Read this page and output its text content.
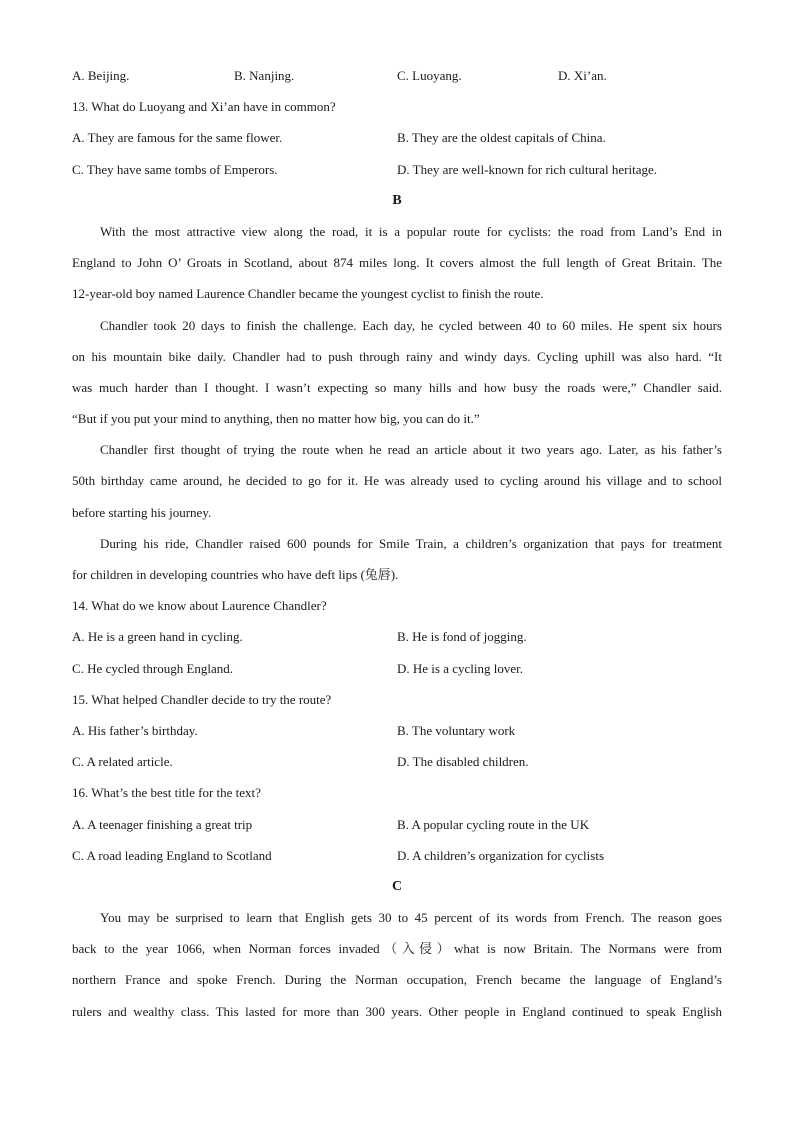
A. Beijing.	B. Nanjing.	C. Luoyang.	D. Xi’an.
13. What do Luoyang and Xi’an have in common?
A. They are famous for the same flower.	B. They are the oldest capitals of China.
C. They have same tombs of Emperors.	D. They are well-known for rich cultural heritage.
B
With the most attractive view along the road, it is a popular route for cyclists: the road from Land’s End in
England to John O’ Groats in Scotland, about 874 miles long. It covers almost the full length of Great Britain. The
12-year-old boy named Laurence Chandler became the youngest cyclist to finish the route.
Chandler took 20 days to finish the challenge. Each day, he cycled between 40 to 60 miles. He spent six hours
on his mountain bike daily. Chandler had to push through rainy and windy days. Cycling uphill was also hard. “It
was much harder than I thought. I wasn’t expecting so many hills and how busy the roads were,” Chandler said.
“But if you put your mind to anything, then no matter how big, you can do it.”
Chandler first thought of trying the route when he read an article about it two years ago. Later, as his father’s
50th birthday came around, he decided to go for it. He was already used to cycling around his village and to school
before starting his journey.
During his ride, Chandler raised 600 pounds for Smile Train, a children’s organization that pays for treatment
for children in developing countries who have deft lips (兔唇).
14. What do we know about Laurence Chandler?
A. He is a green hand in cycling.	B. He is fond of jogging.
C. He cycled through England.	D. He is a cycling lover.
15. What helped Chandler decide to try the route?
A. His father’s birthday.	B. The voluntary work
C. A related article.	D. The disabled children.
16. What’s the best title for the text?
A. A teenager finishing a great trip	B. A popular cycling route in the UK
C. A road leading England to Scotland	D. A children’s organization for cyclists
C
You may be surprised to learn that English gets 30 to 45 percent of its words from French. The reason goes
back to the year 1066, when Norman forces invaded（入侵）what is now Britain. The Normans were from
northern France and spoke French. During the Norman occupation, French became the language of England’s
rulers and wealthy class. This lasted for more than 300 years. Other people in England continued to speak English
